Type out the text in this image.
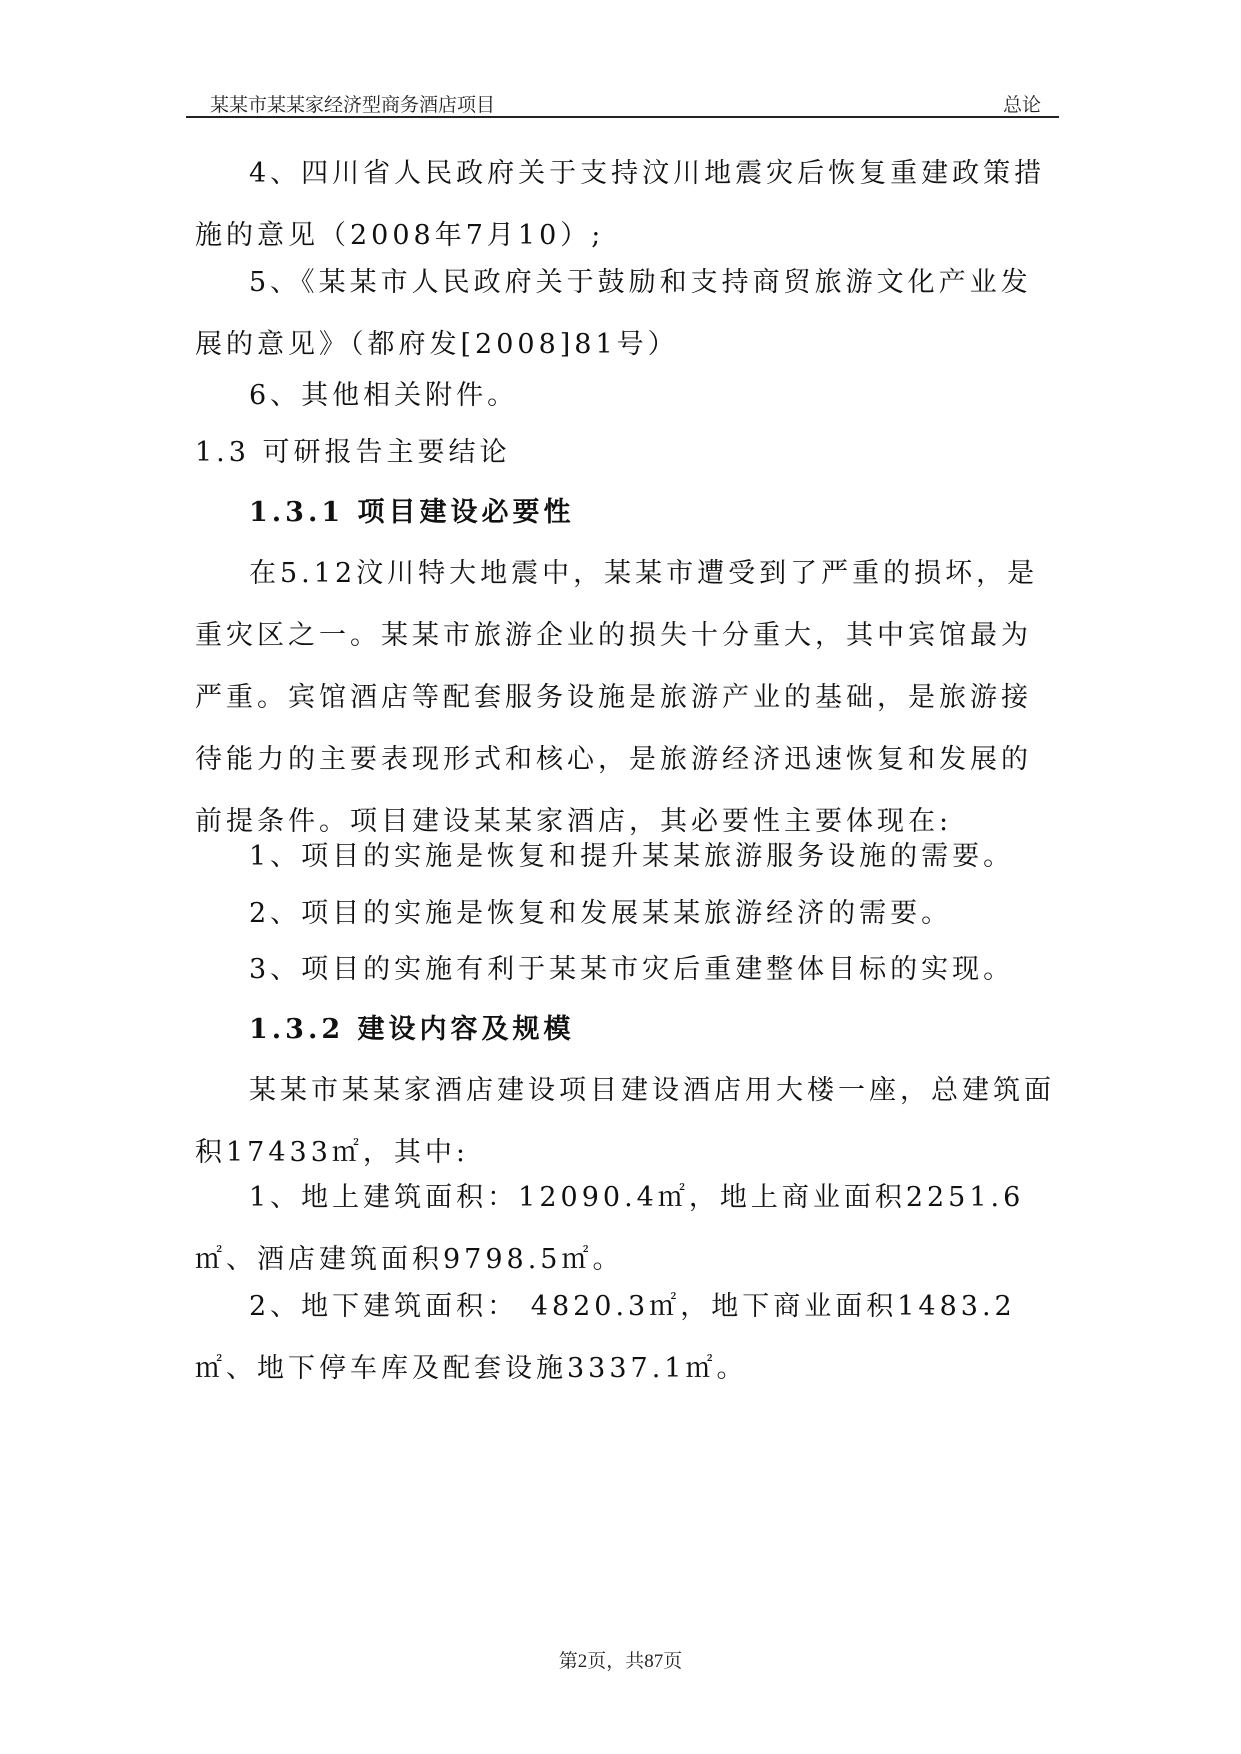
某某市某某家经济型商务酒店项目	总论

4、四川省人民政府关于支持汶川地震灾后恢复重建政策措施的意见（2008年7月10）;

5、《某某市人民政府关于鼓励和支持商贸旅游文化产业发展的意见》（都府发[2008]81号）

6、其他相关附件。

1.3 可研报告主要结论

1.3.1 项目建设必要性

在5.12汶川特大地震中，某某市遭受到了严重的损坏，是重灾区之一。某某市旅游企业的损失十分重大，其中宾馆最为严重。宾馆酒店等配套服务设施是旅游产业的基础，是旅游接待能力的主要表现形式和核心，是旅游经济迅速恢复和发展的前提条件。项目建设某某家酒店，其必要性主要体现在:

1、项目的实施是恢复和提升某某旅游服务设施的需要。

2、项目的实施是恢复和发展某某旅游经济的需要。

3、项目的实施有利于某某市灾后重建整体目标的实现。

1.3.2 建设内容及规模

某某市某某家酒店建设项目建设酒店用大楼一座，总建筑面积17433㎡，其中:

1、地上建筑面积：12090.4㎡，地上商业面积2251.6㎡、酒店建筑面积9798.5㎡。

2、地下建筑面积： 4820.3㎡，地下商业面积1483.2㎡、地下停车库及配套设施3337.1㎡。

第2页，共87页
